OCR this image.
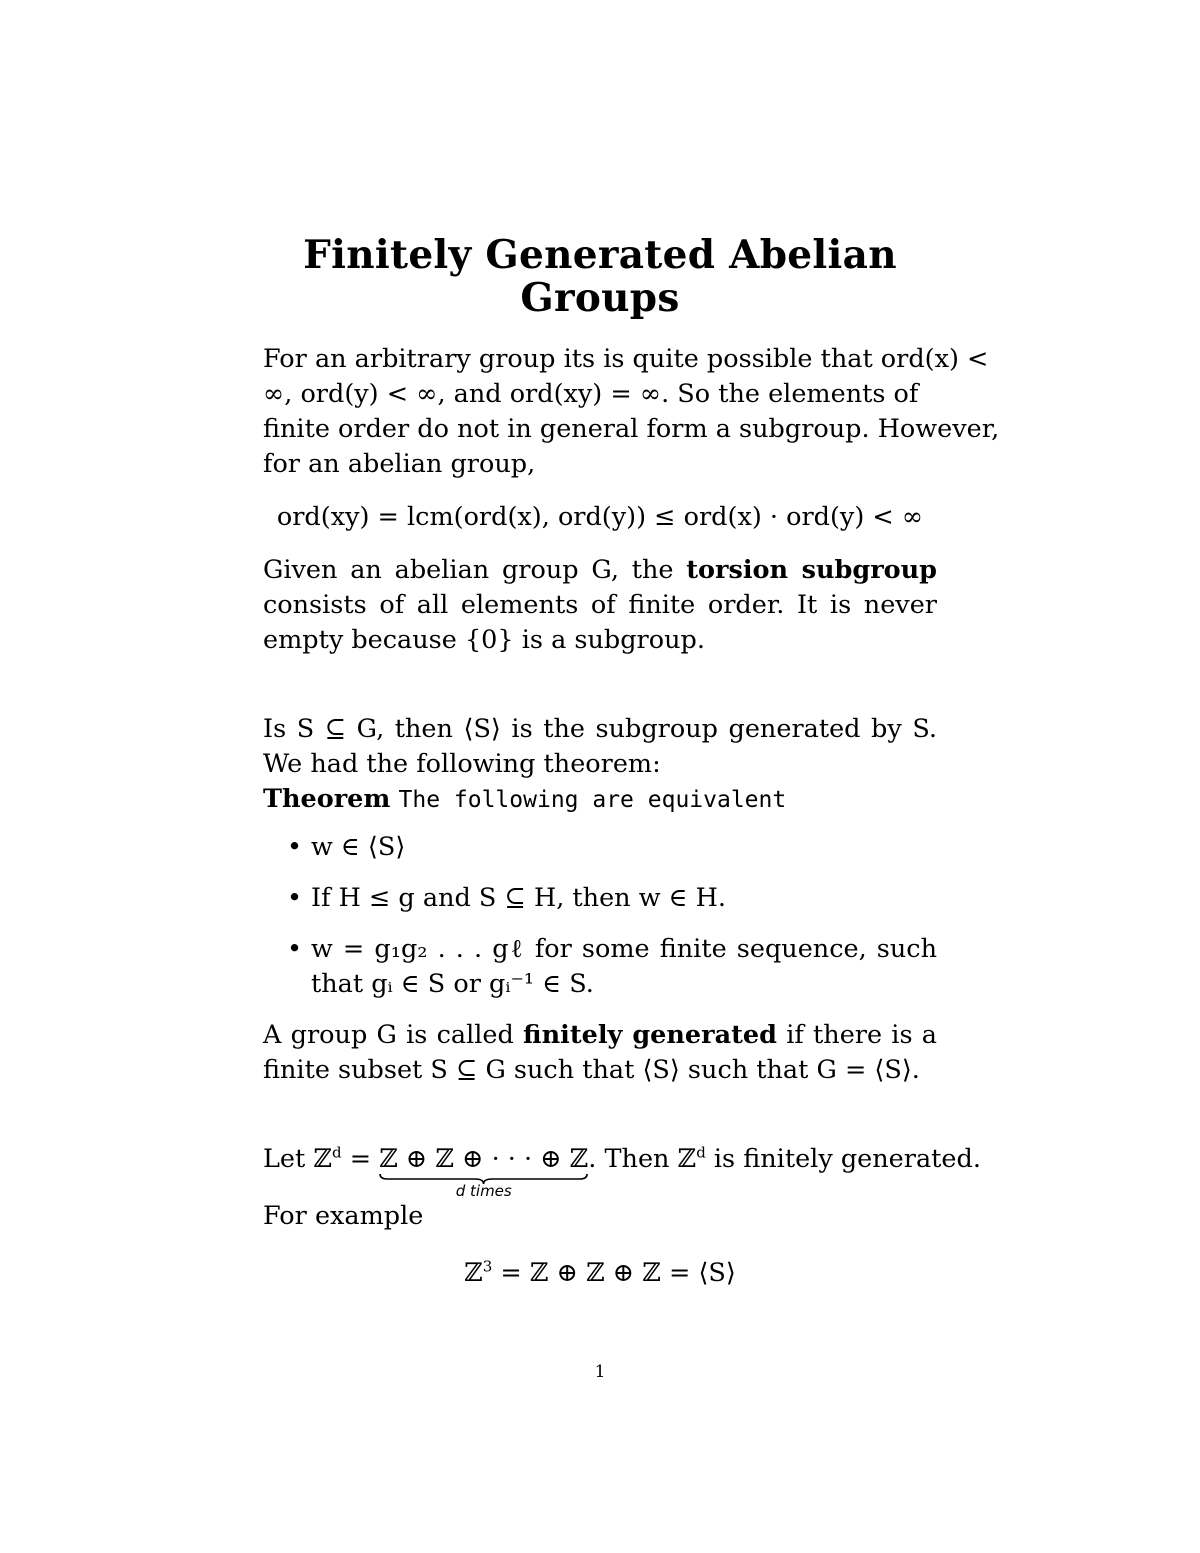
Finitely Generated Abelian
Groups
For an arbitrary group its is quite possible that ord(x) <
∞, ord(y) < ∞, and ord(xy) = ∞. So the elements of
finite order do not in general form a subgroup. However,
for an abelian group,
ord(xy) = lcm(ord(x), ord(y)) ≤ ord(x) · ord(y) < ∞

Given an abelian group G, the torsion subgroup consists of all elements of finite order. It is never empty because {0} is a subgroup.

Is S ⊆ G, then ⟨S⟩ is the subgroup generated by S. We had the following theorem:

Theorem The following are equivalent
• w ∈ ⟨S⟩
• If H ≤ g and S ⊆ H, then w ∈ H.
• w = g₁g₂ . . . gℓ for some finite sequence, such that gᵢ ∈ S or gᵢ⁻¹ ∈ S.

A group G is called finitely generated if there is a finite subset S ⊆ G such that ⟨S⟩ such that G = ⟨S⟩.

Let ℤ$^d$ = ℤ ⊕ ℤ ⊕ · · · ⊕ ℤ
d times
. Then ℤ$^d$ is finitely generated.

For example

ℤ$^3$ = ℤ ⊕ ℤ ⊕ ℤ = ⟨S⟩
1
